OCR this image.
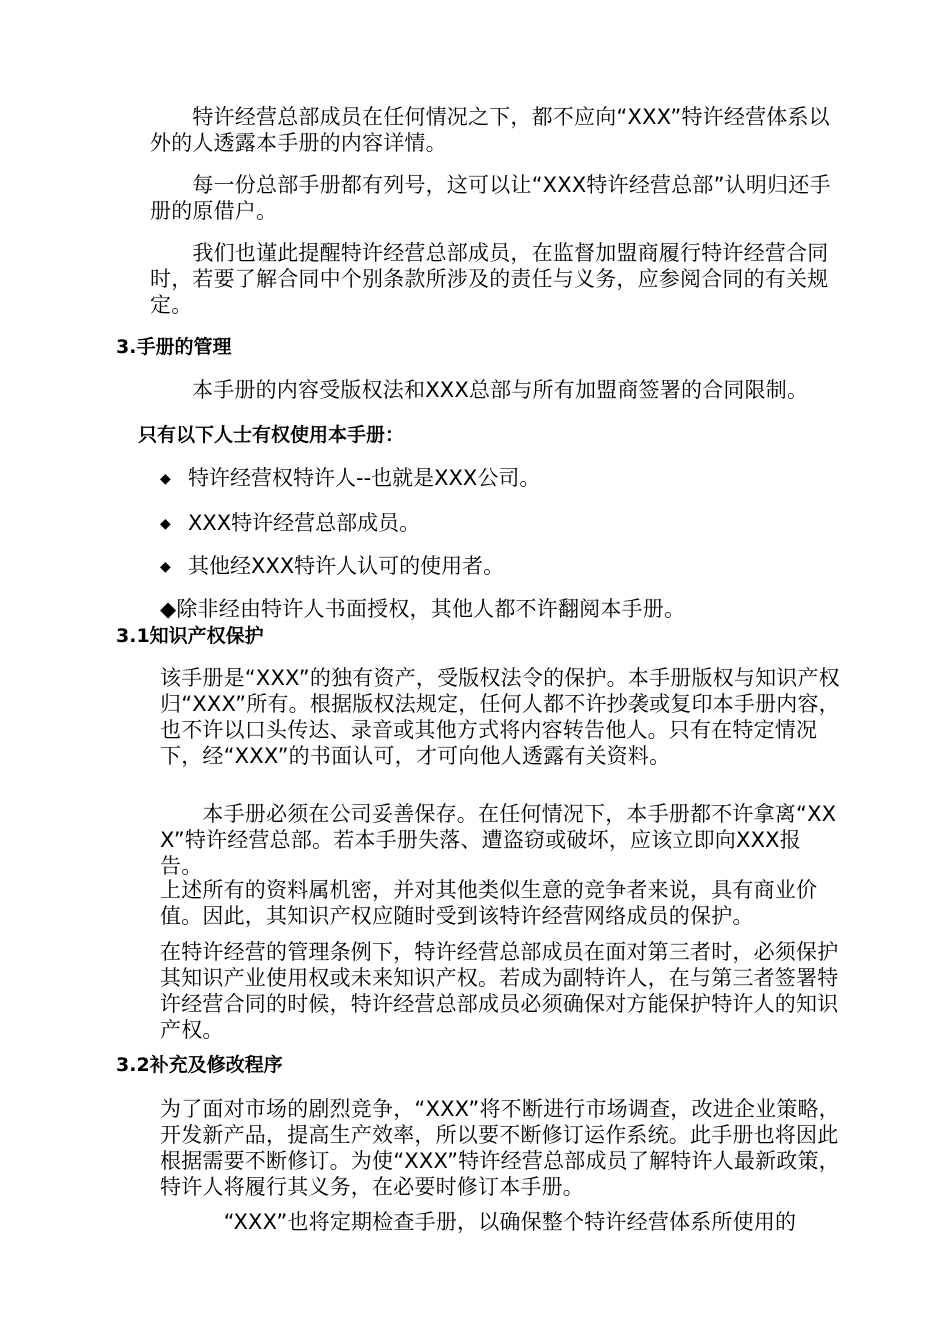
　　特许经营总部成员在任何情况之下，都不应向“XXX”特许经营体系以外的人透露本手册的内容详情。

　　每一份总部手册都有列号，这可以让“XXX特许经营总部”认明归还手册的原借户。

　　我们也谨此提醒特许经营总部成员，在监督加盟商履行特许经营合同时，若要了解合同中个别条款所涉及的责任与义务，应参阅合同的有关规定。

3.手册的管理

本手册的内容受版权法和XXX总部与所有加盟商签署的合同限制。

只有以下人士有权使用本手册：
◆ 特许经营权特许人--也就是XXX公司。
◆ XXX特许经营总部成员。
◆ 其他经XXX特许人认可的使用者。

◆除非经由特许人书面授权，其他人都不许翻阅本手册。

3.1知识产权保护

该手册是“XXX”的独有资产，受版权法令的保护。本手册版权与知识产权归“XXX”所有。根据版权法规定，任何人都不许抄袭或复印本手册内容，也不许以口头传达、录音或其他方式将内容转告他人。只有在特定情况下，经“XXX”的书面认可，才可向他人透露有关资料。

　　本手册必须在公司妥善保存。在任何情况下，本手册都不许拿离“XXX”特许经营总部。若本手册失落、遭盗窃或破坏，应该立即向XXX报告。

上述所有的资料属机密，并对其他类似生意的竞争者来说，具有商业价值。因此，其知识产权应随时受到该特许经营网络成员的保护。

在特许经营的管理条例下，特许经营总部成员在面对第三者时，必须保护其知识产业使用权或未来知识产权。若成为副特许人，在与第三者签署特许经营合同的时候，特许经营总部成员必须确保对方能保护特许人的知识产权。

3.2补充及修改程序

为了面对市场的剧烈竞争，“XXX”将不断进行市场调查，改进企业策略，开发新产品，提高生产效率，所以要不断修订运作系统。此手册也将因此根据需要不断修订。为使“XXX”特许经营总部成员了解特许人最新政策，特许人将履行其义务，在必要时修订本手册。

　　　“XXX”也将定期检查手册，以确保整个特许经营体系所使用的
